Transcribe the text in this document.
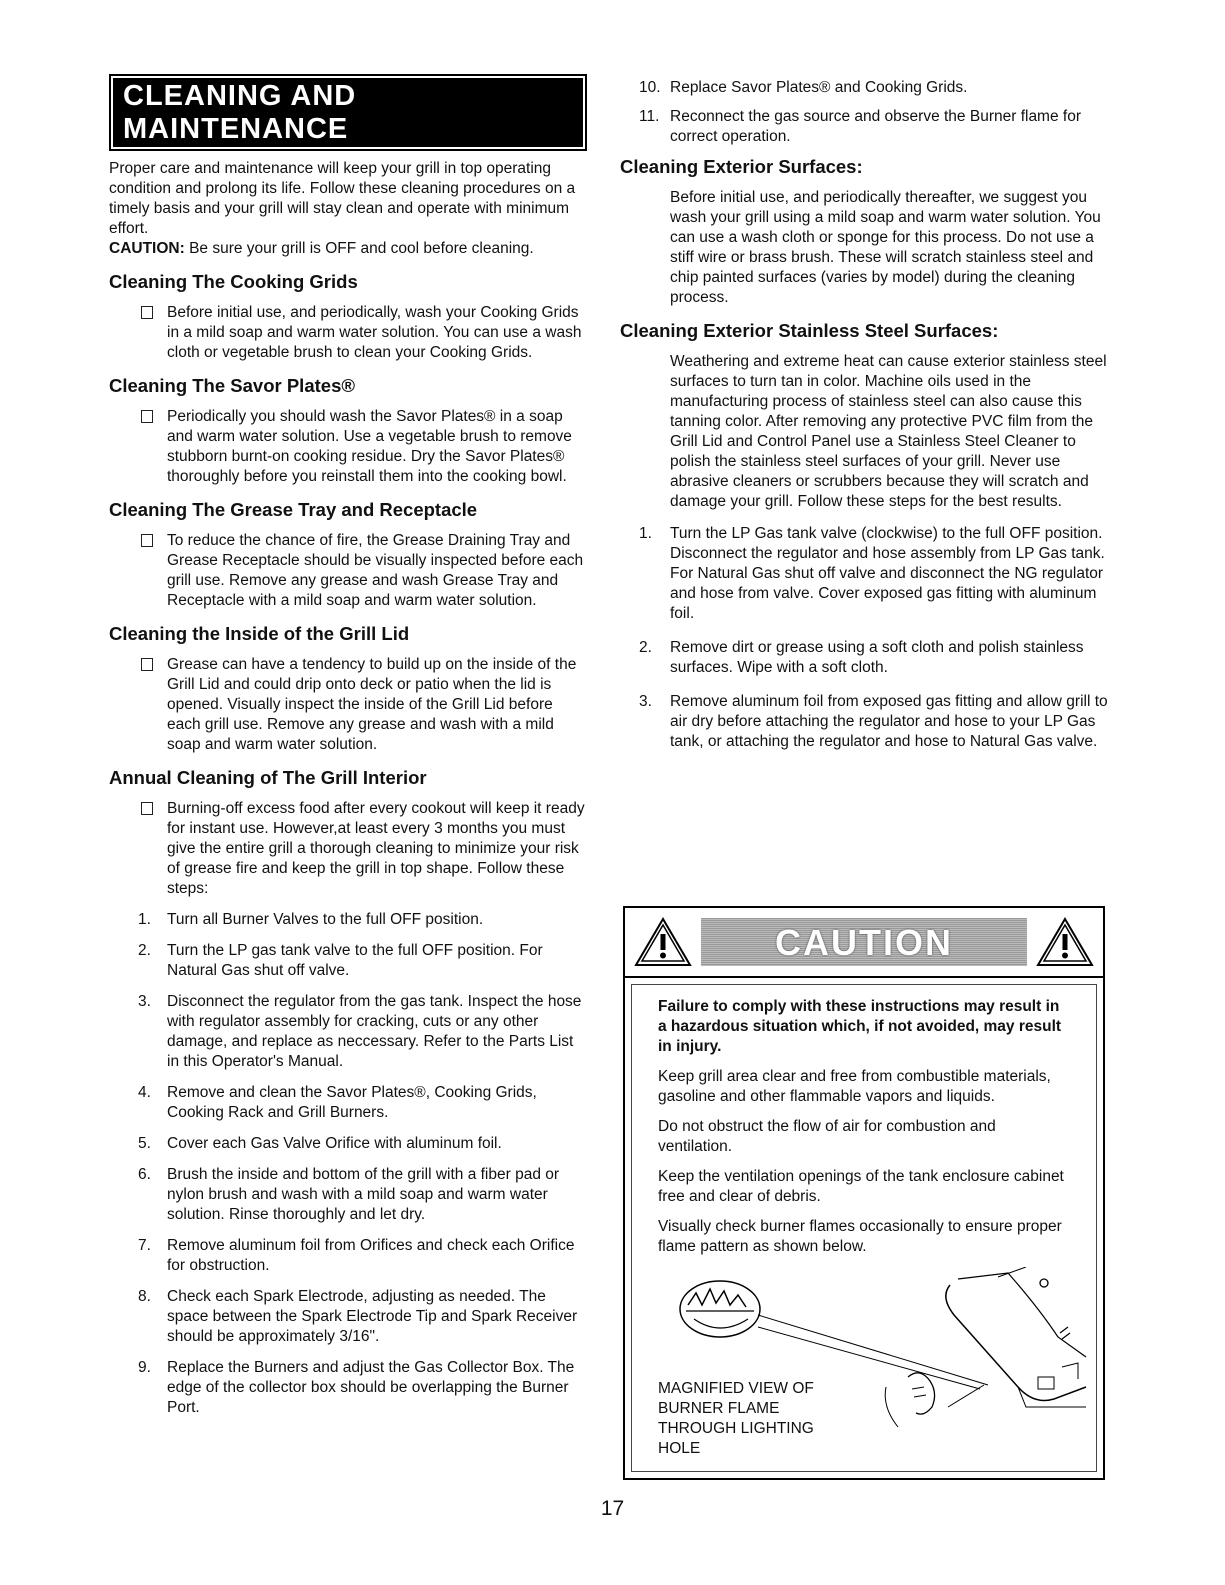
CLEANING AND MAINTENANCE

Proper care and maintenance will keep your grill in top operating condition and prolong its life. Follow these cleaning procedures on a timely basis and your grill will stay clean and operate with minimum effort.

CAUTION: Be sure your grill is OFF and cool before cleaning.

Cleaning The Cooking Grids
Before initial use, and periodically, wash your Cooking Grids in a mild soap and warm water solution. You can use a wash cloth or vegetable brush to clean your Cooking Grids.
Cleaning The Savor Plates®
Periodically you should wash the Savor Plates® in a soap and warm water solution. Use a vegetable brush to remove stubborn burnt-on cooking residue. Dry the Savor Plates® thoroughly before you reinstall them into the cooking bowl.
Cleaning The Grease Tray and Receptacle
To reduce the chance of fire, the Grease Draining Tray and Grease Receptacle should be visually inspected before each grill use. Remove any grease and wash Grease Tray and Receptacle with a mild soap and warm water solution.
Cleaning the Inside of the Grill Lid
Grease can have a tendency to build up on the inside of the Grill Lid and could drip onto deck or patio when the lid is opened. Visually inspect the inside of the Grill Lid before each grill use. Remove any grease and wash with a mild soap and warm water solution.
Annual Cleaning of The Grill Interior
Burning-off excess food after every cookout will keep it ready for instant use. However,at least every 3 months you must give the entire grill a thorough cleaning to minimize your risk of grease fire and keep the grill in top shape. Follow these steps:
1. Turn all Burner Valves to the full OFF position.
2. Turn the LP gas tank valve to the full OFF position. For Natural Gas shut off valve.
3. Disconnect the regulator from the gas tank. Inspect the hose with regulator assembly for cracking, cuts or any other damage, and replace as neccessary. Refer to the Parts List in this Operator's Manual.
4. Remove and clean the Savor Plates®, Cooking Grids, Cooking Rack and Grill Burners.
5. Cover each Gas Valve Orifice with aluminum foil.
6. Brush the inside and bottom of the grill with a fiber pad or nylon brush and wash with a mild soap and warm water solution. Rinse thoroughly and let dry.
7. Remove aluminum foil from Orifices and check each Orifice for obstruction.
8. Check each Spark Electrode, adjusting as needed. The space between the Spark Electrode Tip and Spark Receiver should be approximately 3/16".
9. Replace the Burners and adjust the Gas Collector Box. The edge of the collector box should be overlapping the Burner Port.
10. Replace Savor Plates® and Cooking Grids.
11. Reconnect the gas source and observe the Burner flame for correct operation.
Cleaning Exterior Surfaces:

Before initial use, and periodically thereafter, we suggest you wash your grill using a mild soap and warm water solution. You can use a wash cloth or sponge for this process. Do not use a stiff wire or brass brush. These will scratch stainless steel and chip painted surfaces (varies by model) during the cleaning process.

Cleaning Exterior Stainless Steel Surfaces:

Weathering and extreme heat can cause exterior stainless steel surfaces to turn tan in color. Machine oils used in the manufacturing process of stainless steel can also cause this tanning color. After removing any protective PVC film from the Grill Lid and Control Panel use a Stainless Steel Cleaner to polish the stainless steel surfaces of your grill. Never use abrasive cleaners or scrubbers because they will scratch and damage your grill. Follow these steps for the best results.

1. Turn the LP Gas tank valve (clockwise) to the full OFF position. Disconnect the regulator and hose assembly from LP Gas tank. For Natural Gas shut off valve and disconnect the NG regulator and hose from valve. Cover exposed gas fitting with aluminum foil.
2. Remove dirt or grease using a soft cloth and polish stainless surfaces. Wipe with a soft cloth.
3. Remove aluminum foil from exposed gas fitting and allow grill to air dry before attaching the regulator and hose to your LP Gas tank, or attaching the regulator and hose to Natural Gas valve.
CAUTION

Failure to comply with these instructions may result in a hazardous situation which, if not avoided, may result in injury.

Keep grill area clear and free from combustible materials, gasoline and other flammable vapors and liquids.

Do not obstruct the flow of air for combustion and ventilation.

Keep the ventilation openings of the tank enclosure cabinet free and clear of debris.

Visually check burner flames occasionally to ensure proper flame pattern as shown below.

MAGNIFIED VIEW OF BURNER FLAME THROUGH LIGHTING HOLE
17
